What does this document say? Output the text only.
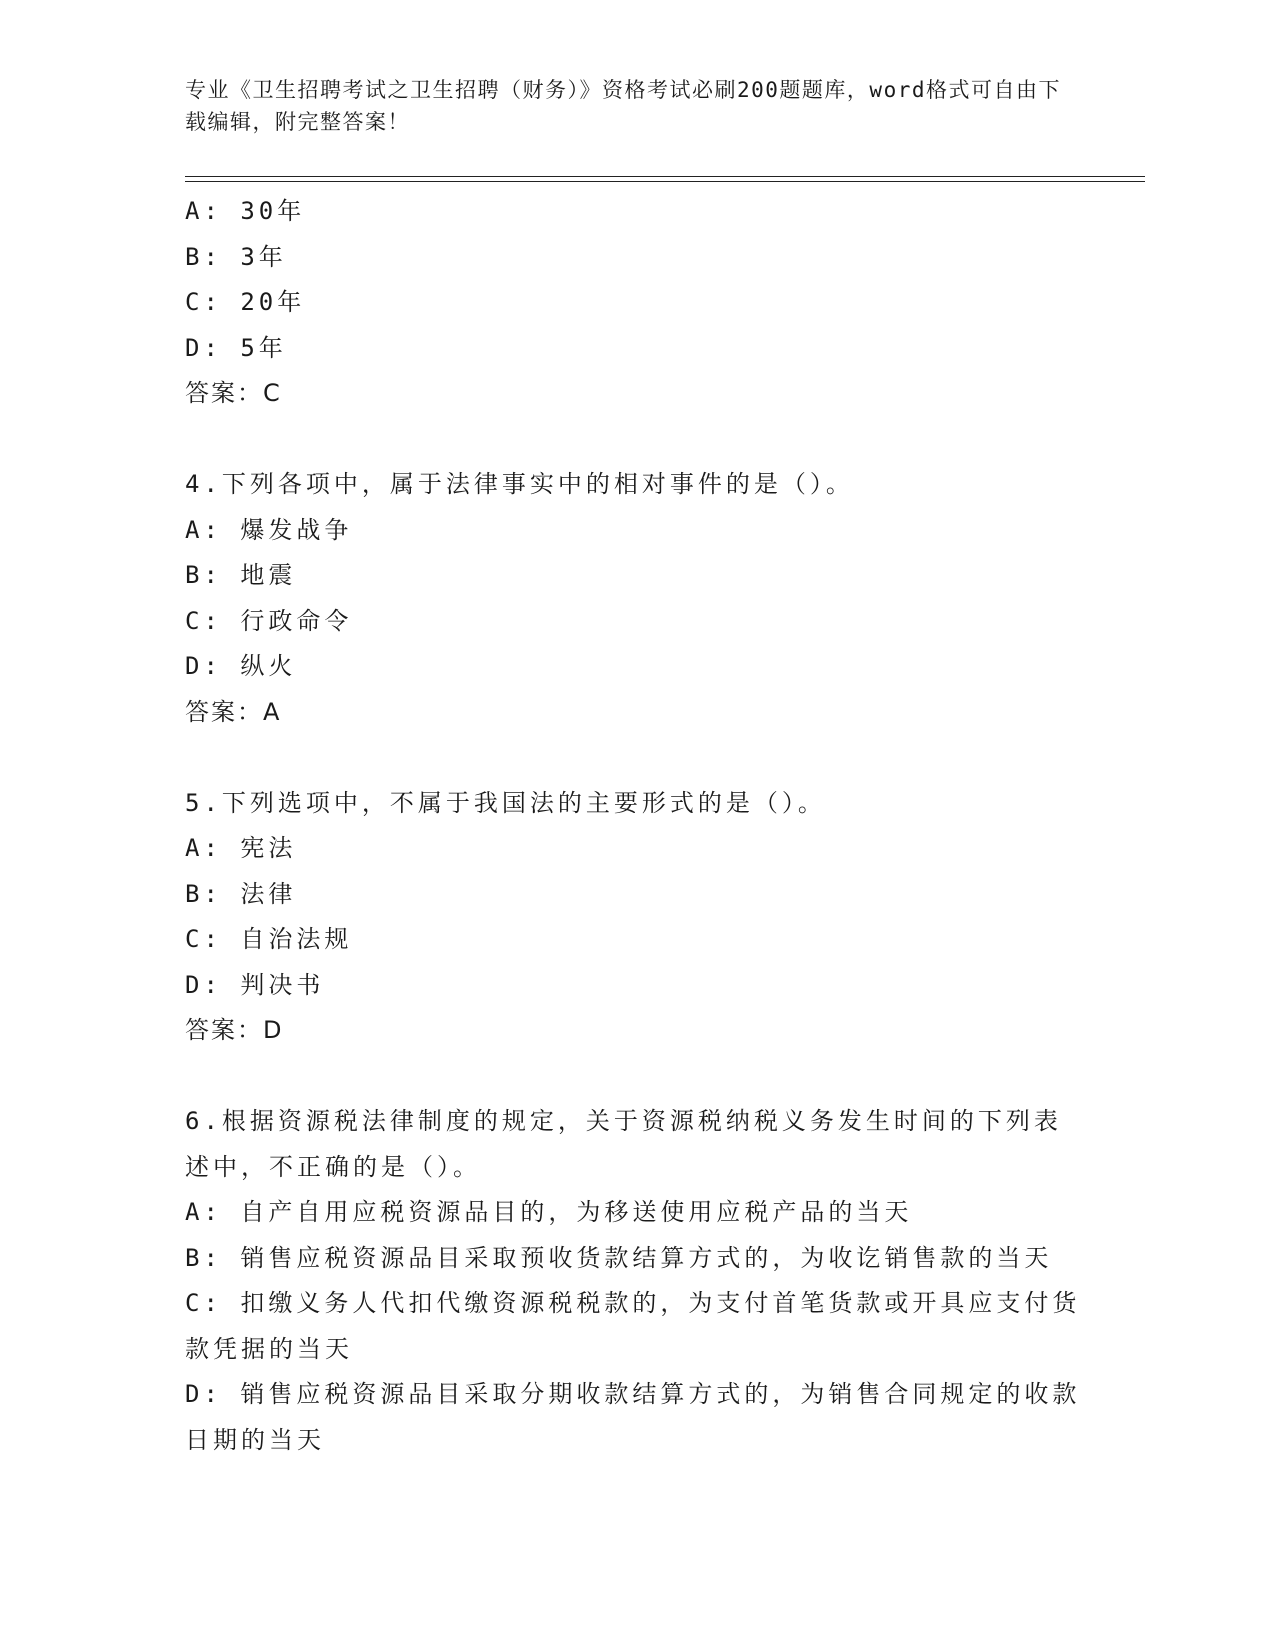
专业《卫生招聘考试之卫生招聘（财务）》资格考试必刷200题题库，word格式可自由下载编辑，附完整答案！
A: 30年
B: 3年
C: 20年
D: 5年
答案：C
4.下列各项中，属于法律事实中的相对事件的是（）。
A: 爆发战争
B: 地震
C: 行政命令
D: 纵火
答案：A
5.下列选项中，不属于我国法的主要形式的是（）。
A: 宪法
B: 法律
C: 自治法规
D: 判决书
答案：D
6.根据资源税法律制度的规定，关于资源税纳税义务发生时间的下列表述中，不正确的是（）。
A: 自产自用应税资源品目的，为移送使用应税产品的当天
B: 销售应税资源品目采取预收货款结算方式的，为收讫销售款的当天
C: 扣缴义务人代扣代缴资源税税款的，为支付首笔货款或开具应支付货款凭据的当天
D: 销售应税资源品目采取分期收款结算方式的，为销售合同规定的收款日期的当天
